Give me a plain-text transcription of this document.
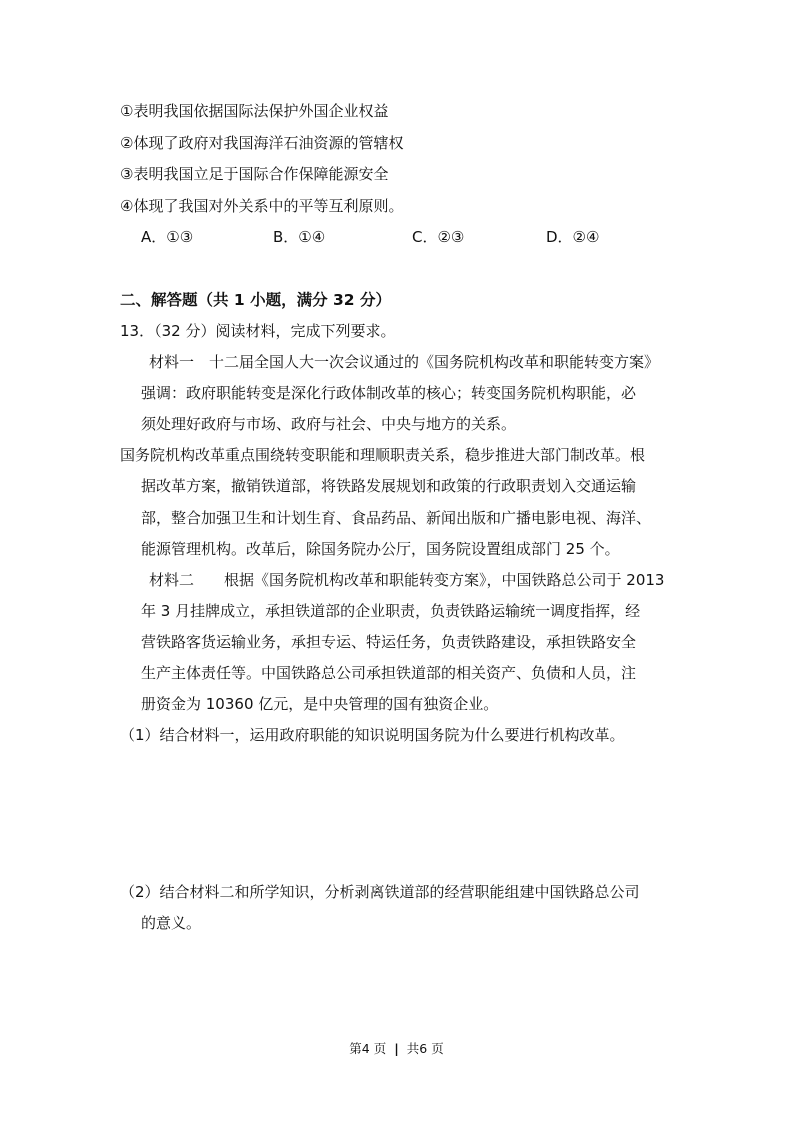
①表明我国依据国际法保护外国企业权益
②体现了政府对我国海洋石油资源的管辖权
③表明我国立足于国际合作保障能源安全
④体现了我国对外关系中的平等互利原则。
A．①③	B．①④	C．②③	D．②④
二、解答题（共 1 小题，满分 32 分）
13．（32 分）阅读材料，完成下列要求。
材料一　十二届全国人大一次会议通过的《国务院机构改革和职能转变方案》
强调：政府职能转变是深化行政体制改革的核心；转变国务院机构职能，必
须处理好政府与市场、政府与社会、中央与地方的关系。
国务院机构改革重点围绕转变职能和理顺职责关系，稳步推进大部门制改革。根
据改革方案，撤销铁道部，将铁路发展规划和政策的行政职责划入交通运输
部，整合加强卫生和计划生育、食品药品、新闻出版和广播电影电视、海洋、
能源管理机构。改革后，除国务院办公厅，国务院设置组成部门 25 个。
材料二　　根据《国务院机构改革和职能转变方案》，中国铁路总公司于 2013
年 3 月挂牌成立，承担铁道部的企业职责，负责铁路运输统一调度指挥，经
营铁路客货运输业务，承担专运、特运任务，负责铁路建设，承担铁路安全
生产主体责任等。中国铁路总公司承担铁道部的相关资产、负债和人员，注
册资金为 10360 亿元，是中央管理的国有独资企业。
（1）结合材料一，运用政府职能的知识说明国务院为什么要进行机构改革。
（2）结合材料二和所学知识，分析剥离铁道部的经营职能组建中国铁路总公司
的意义。
第4 页 | 共6 页
